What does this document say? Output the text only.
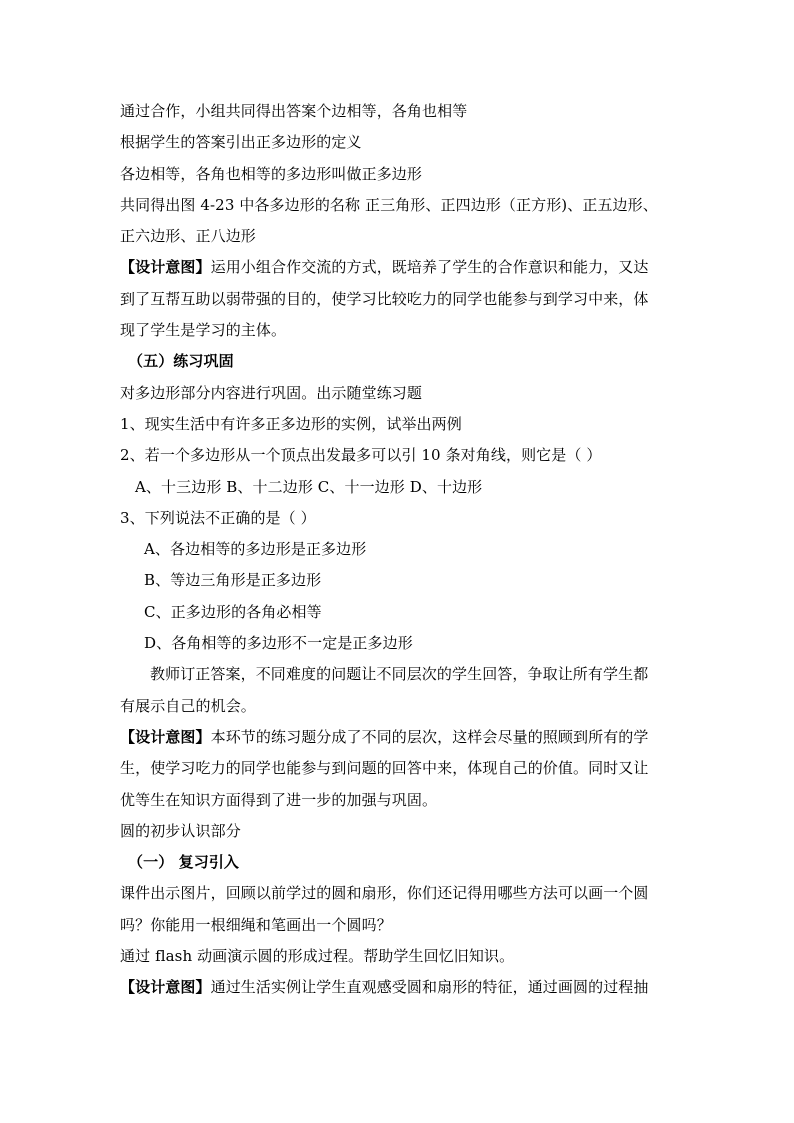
通过合作，小组共同得出答案个边相等，各角也相等
根据学生的答案引出正多边形的定义
各边相等，各角也相等的多边形叫做正多边形
共同得出图 4-23 中各多边形的名称 正三角形、正四边形（正方形)、正五边形、
正六边形、正八边形
【设计意图】运用小组合作交流的方式，既培养了学生的合作意识和能力，又达
到了互帮互助以弱带强的目的，使学习比较吃力的同学也能参与到学习中来，体
现了学生是学习的主体。
（五）练习巩固
对多边形部分内容进行巩固。出示随堂练习题
1、现实生活中有许多正多边形的实例，试举出两例
2、若一个多边形从一个顶点出发最多可以引 10 条对角线，则它是（ ）
A、十三边形 B、十二边形 C、十一边形 D、十边形
3、下列说法不正确的是（ ）
A、各边相等的多边形是正多边形
B、等边三角形是正多边形
C、正多边形的各角必相等
D、各角相等的多边形不一定是正多边形
教师订正答案，不同难度的问题让不同层次的学生回答，争取让所有学生都
有展示自己的机会。
【设计意图】本环节的练习题分成了不同的层次，这样会尽量的照顾到所有的学
生，使学习吃力的同学也能参与到问题的回答中来，体现自己的价值。同时又让
优等生在知识方面得到了进一步的加强与巩固。
圆的初步认识部分
（一） 复习引入
课件出示图片，回顾以前学过的圆和扇形，你们还记得用哪些方法可以画一个圆
吗？你能用一根细绳和笔画出一个圆吗？
通过 flash 动画演示圆的形成过程。帮助学生回忆旧知识。
【设计意图】通过生活实例让学生直观感受圆和扇形的特征，通过画圆的过程抽
